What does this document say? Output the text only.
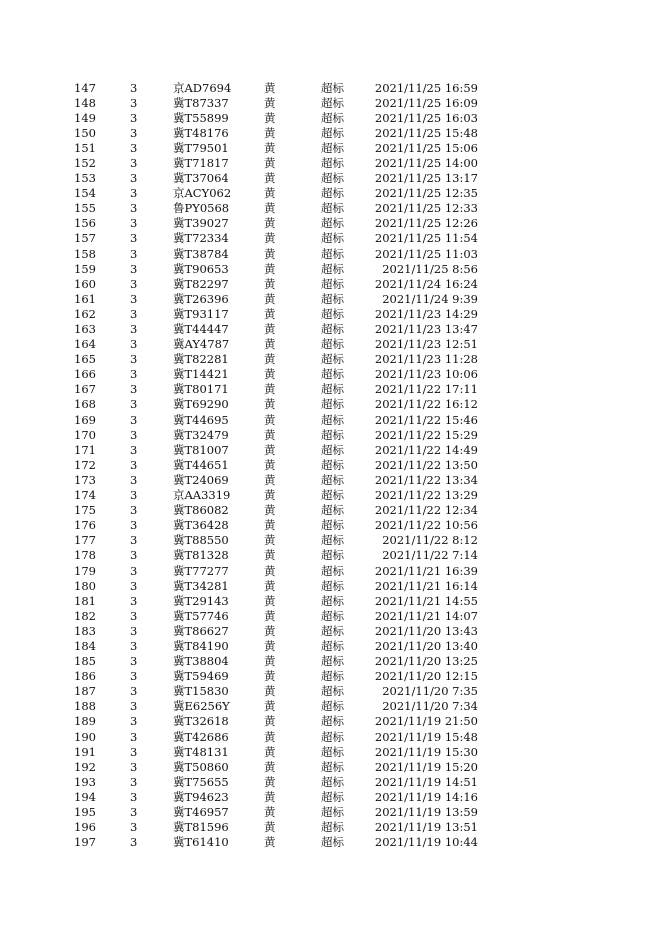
147	3	京AD7694	黄	超标	2021/11/25 16:59
148	3	冀T87337	黄	超标	2021/11/25 16:09
149	3	冀T55899	黄	超标	2021/11/25 16:03
150	3	冀T48176	黄	超标	2021/11/25 15:48
151	3	冀T79501	黄	超标	2021/11/25 15:06
152	3	冀T71817	黄	超标	2021/11/25 14:00
153	3	冀T37064	黄	超标	2021/11/25 13:17
154	3	京ACY062	黄	超标	2021/11/25 12:35
155	3	鲁PY0568	黄	超标	2021/11/25 12:33
156	3	冀T39027	黄	超标	2021/11/25 12:26
157	3	冀T72334	黄	超标	2021/11/25 11:54
158	3	冀T38784	黄	超标	2021/11/25 11:03
159	3	冀T90653	黄	超标	2021/11/25 8:56
160	3	冀T82297	黄	超标	2021/11/24 16:24
161	3	冀T26396	黄	超标	2021/11/24 9:39
162	3	冀T93117	黄	超标	2021/11/23 14:29
163	3	冀T44447	黄	超标	2021/11/23 13:47
164	3	冀AY4787	黄	超标	2021/11/23 12:51
165	3	冀T82281	黄	超标	2021/11/23 11:28
166	3	冀T14421	黄	超标	2021/11/23 10:06
167	3	冀T80171	黄	超标	2021/11/22 17:11
168	3	冀T69290	黄	超标	2021/11/22 16:12
169	3	冀T44695	黄	超标	2021/11/22 15:46
170	3	冀T32479	黄	超标	2021/11/22 15:29
171	3	冀T81007	黄	超标	2021/11/22 14:49
172	3	冀T44651	黄	超标	2021/11/22 13:50
173	3	冀T24069	黄	超标	2021/11/22 13:34
174	3	京AA3319	黄	超标	2021/11/22 13:29
175	3	冀T86082	黄	超标	2021/11/22 12:34
176	3	冀T36428	黄	超标	2021/11/22 10:56
177	3	冀T88550	黄	超标	2021/11/22 8:12
178	3	冀T81328	黄	超标	2021/11/22 7:14
179	3	冀T77277	黄	超标	2021/11/21 16:39
180	3	冀T34281	黄	超标	2021/11/21 16:14
181	3	冀T29143	黄	超标	2021/11/21 14:55
182	3	冀T57746	黄	超标	2021/11/21 14:07
183	3	冀T86627	黄	超标	2021/11/20 13:43
184	3	冀T84190	黄	超标	2021/11/20 13:40
185	3	冀T38804	黄	超标	2021/11/20 13:25
186	3	冀T59469	黄	超标	2021/11/20 12:15
187	3	冀T15830	黄	超标	2021/11/20 7:35
188	3	冀E6256Y	黄	超标	2021/11/20 7:34
189	3	冀T32618	黄	超标	2021/11/19 21:50
190	3	冀T42686	黄	超标	2021/11/19 15:48
191	3	冀T48131	黄	超标	2021/11/19 15:30
192	3	冀T50860	黄	超标	2021/11/19 15:20
193	3	冀T75655	黄	超标	2021/11/19 14:51
194	3	冀T94623	黄	超标	2021/11/19 14:16
195	3	冀T46957	黄	超标	2021/11/19 13:59
196	3	冀T81596	黄	超标	2021/11/19 13:51
197	3	冀T61410	黄	超标	2021/11/19 10:44
